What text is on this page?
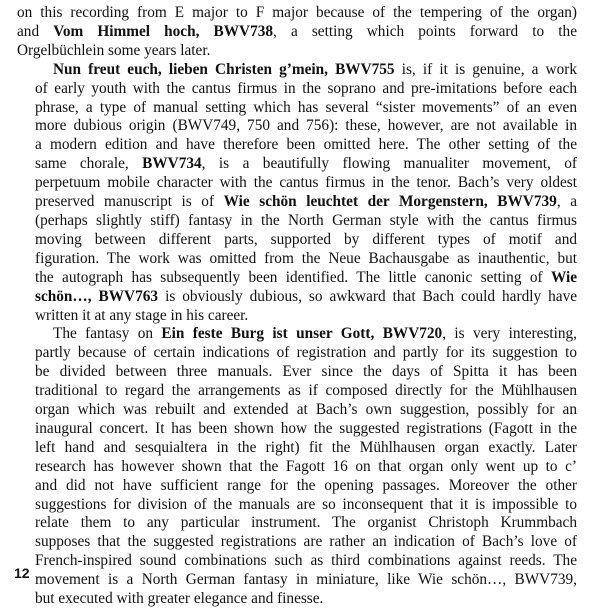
on this recording from E major to F major because of the tempering of the organ)
and Vom Himmel hoch, BWV738, a setting which points forward to the
Orgelbüchlein some years later.
Nun freut euch, lieben Christen g’mein, BWV755 is, if it is genuine, a work
of early youth with the cantus firmus in the soprano and pre-imitations before each
phrase, a type of manual setting which has several “sister movements” of an even
more dubious origin (BWV749, 750 and 756): these, however, are not available in
a modern edition and have therefore been omitted here. The other setting of the
same chorale, BWV734, is a beautifully flowing manualiter movement, of
perpetuum mobile character with the cantus firmus in the tenor. Bach’s very oldest
preserved manuscript is of Wie schön leuchtet der Morgenstern, BWV739, a
(perhaps slightly stiff) fantasy in the North German style with the cantus firmus
moving between different parts, supported by different types of motif and
figuration. The work was omitted from the Neue Bachausgabe as inauthentic, but
the autograph has subsequently been identified. The little canonic setting of Wie
schön…, BWV763 is obviously dubious, so awkward that Bach could hardly have
written it at any stage in his career.
The fantasy on Ein feste Burg ist unser Gott, BWV720, is very interesting,
partly because of certain indications of registration and partly for its suggestion to
be divided between three manuals. Ever since the days of Spitta it has been
traditional to regard the arrangements as if composed directly for the Mühlhausen
organ which was rebuilt and extended at Bach’s own suggestion, possibly for an
inaugural concert. It has been shown how the suggested registrations (Fagott in the
left hand and sesquialtera in the right) fit the Mühlhausen organ exactly. Later
research has however shown that the Fagott 16 on that organ only went up to c’
and did not have sufficient range for the opening passages. Moreover the other
suggestions for division of the manuals are so inconsequent that it is impossible to
relate them to any particular instrument. The organist Christoph Krummbach
supposes that the suggested registrations are rather an indication of Bach’s love of
French-inspired sound combinations such as third combinations against reeds. The
movement is a North German fantasy in miniature, like Wie schön…, BWV739,
but executed with greater elegance and finesse.
12
